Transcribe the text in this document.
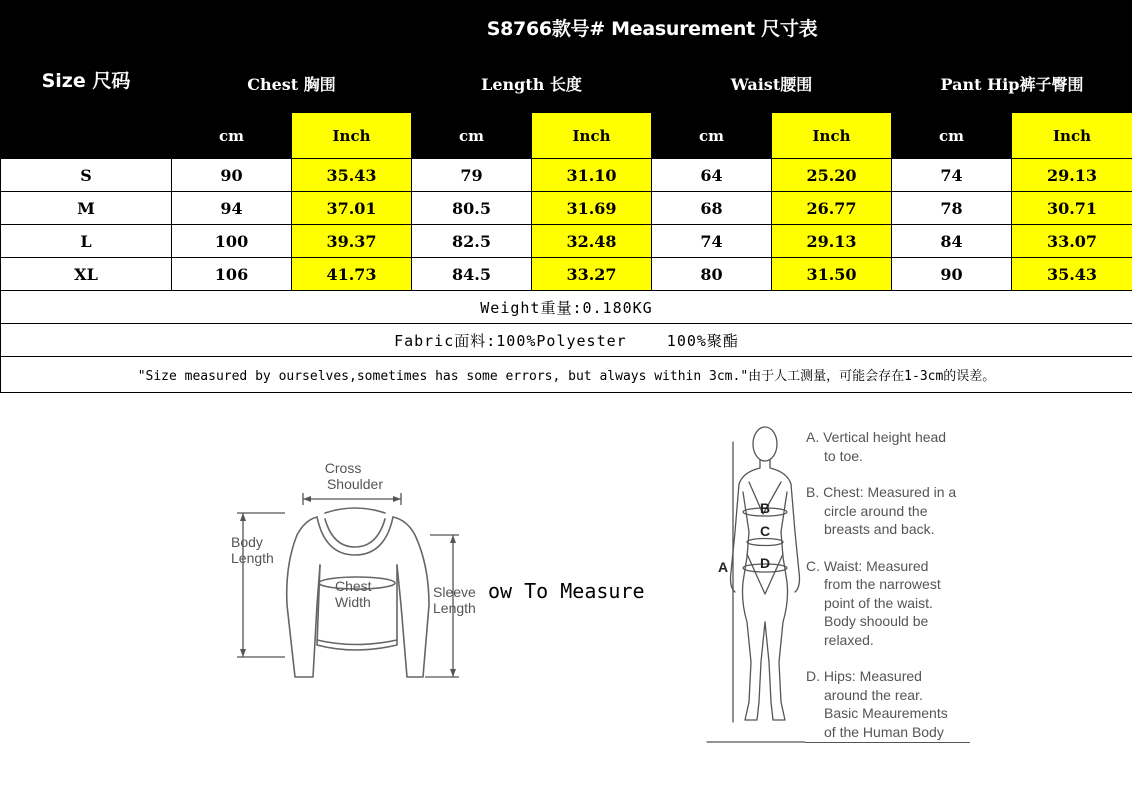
Size 尺码	S8766款号# Measurement 尺寸表							
	Chest 胸围		Length 长度		Waist腰围		Pant Hip裤子臀围	
	cm	Inch	cm	Inch	cm	Inch	cm	Inch
S	90	35.43	79	31.10	64	25.20	74	29.13
M	94	37.01	80.5	31.69	68	26.77	78	30.71
L	100	39.37	82.5	32.48	74	29.13	84	33.07
XL	106	41.73	84.5	33.27	80	31.50	90	35.43
Weight重量:0.180KG								
Fabric面料:100%Polyester    100%聚酯								
"Size measured by ourselves,sometimes has some errors, but always within 3cm."由于人工测量，可能会存在1-3cm的误差。								
Cross Shoulder
Body Length
Chest Width
Sleeve Length
ow To Measure
A
B
C
D
A. Vertical height head
to toe.
B. Chest: Measured in a
circle around the
breasts and back.
C. Waist: Measured
from the narrowest
point of the waist.
Body shoould be
relaxed.
D. Hips: Measured
around the rear.
Basic Meaurements
of the Human Body
